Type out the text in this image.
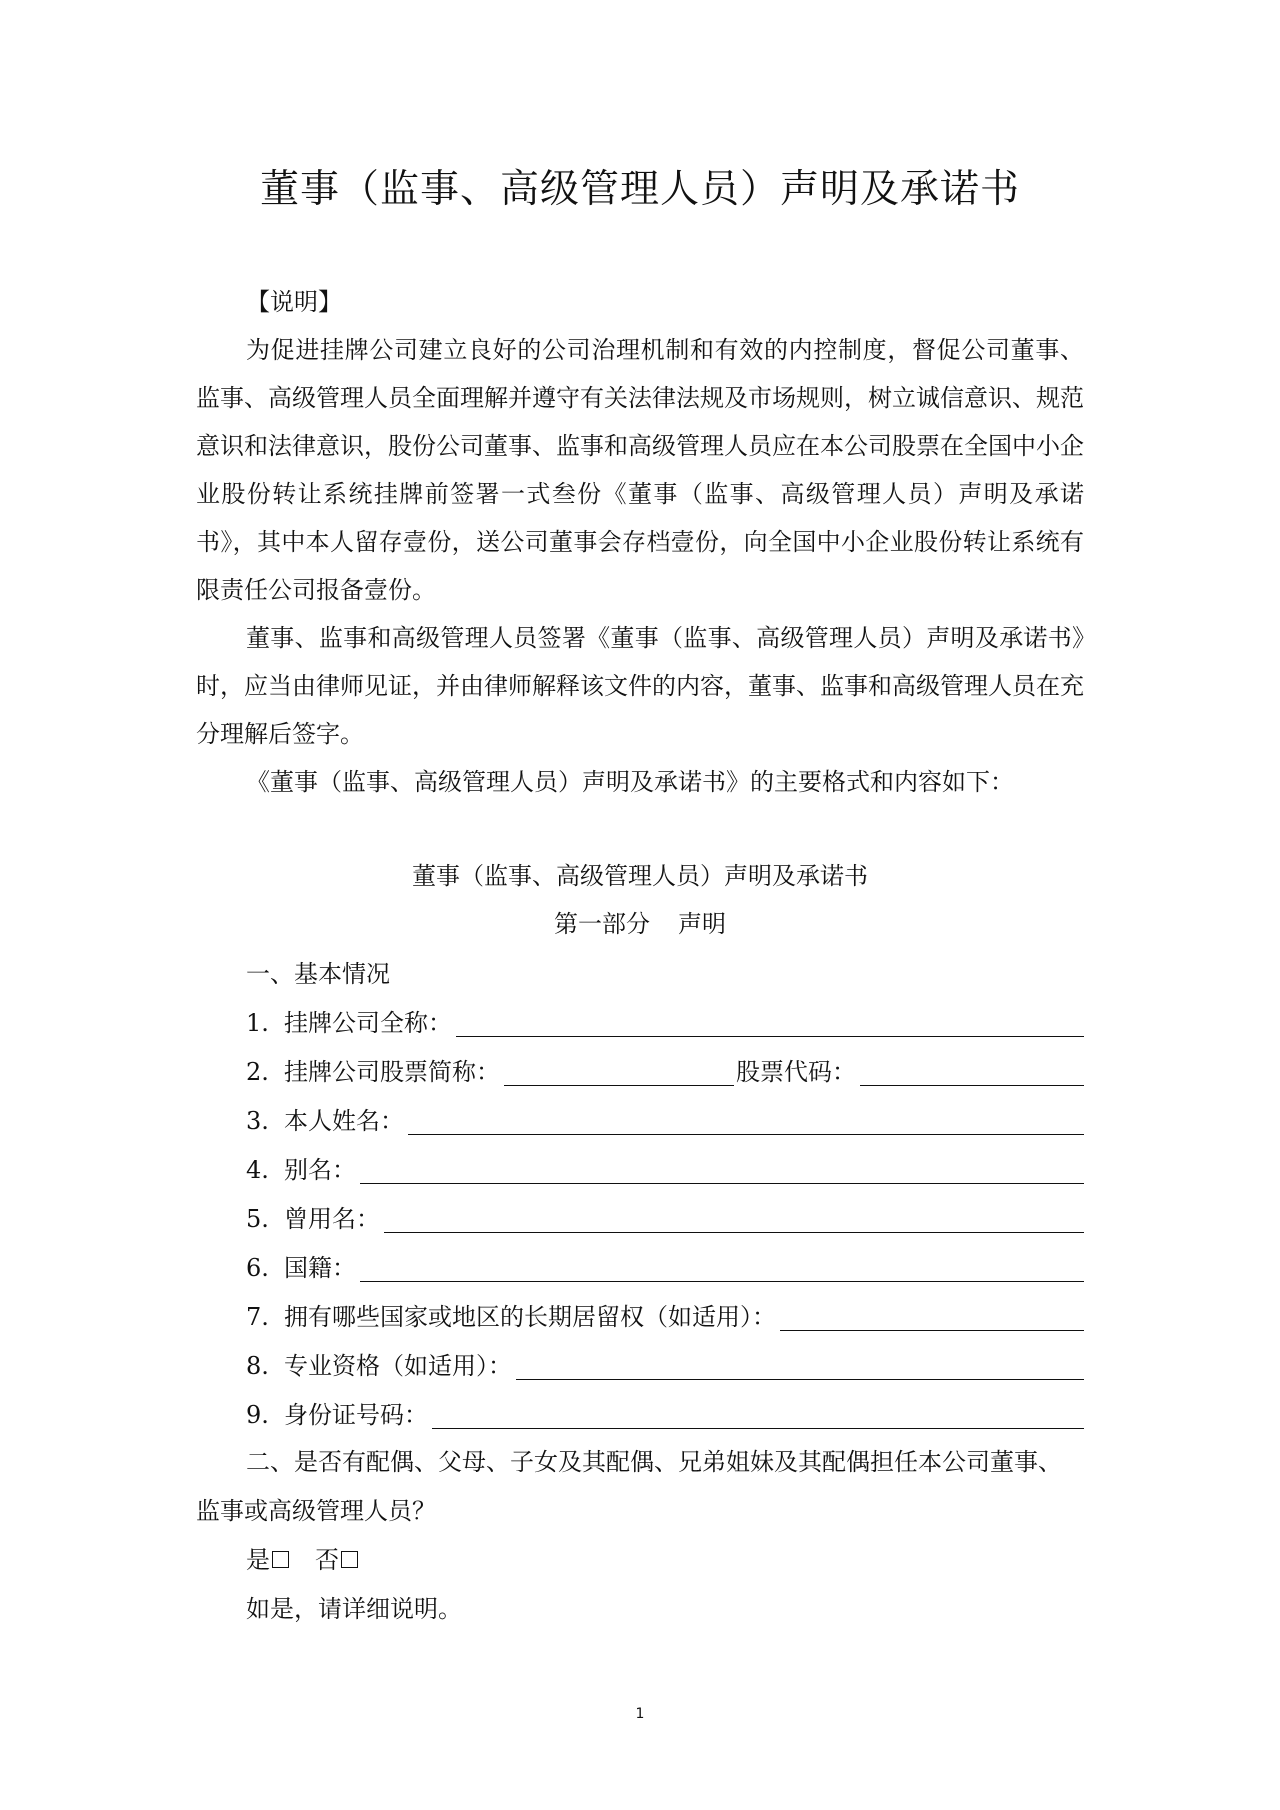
董事（监事、高级管理人员）声明及承诺书

【说明】

为促进挂牌公司建立良好的公司治理机制和有效的内控制度，督促公司董事、监事、高级管理人员全面理解并遵守有关法律法规及市场规则，树立诚信意识、规范意识和法律意识，股份公司董事、监事和高级管理人员应在本公司股票在全国中小企业股份转让系统挂牌前签署一式叁份《董事（监事、高级管理人员）声明及承诺书》，其中本人留存壹份，送公司董事会存档壹份，向全国中小企业股份转让系统有限责任公司报备壹份。

董事、监事和高级管理人员签署《董事（监事、高级管理人员）声明及承诺书》时，应当由律师见证，并由律师解释该文件的内容，董事、监事和高级管理人员在充分理解后签字。

《董事（监事、高级管理人员）声明及承诺书》的主要格式和内容如下：

董事（监事、高级管理人员）声明及承诺书
第一部分 声明
一、基本情况
1. 挂牌公司全称：
2. 挂牌公司股票简称：	股票代码：
3. 本人姓名：
4. 别名：
5. 曾用名：
6. 国籍：
7. 拥有哪些国家或地区的长期居留权（如适用）：
8. 专业资格（如适用）：
9. 身份证号码：

二、是否有配偶、父母、子女及其配偶、兄弟姐妹及其配偶担任本公司董事、监事或高级管理人员？

是 否

如是，请详细说明。

1
